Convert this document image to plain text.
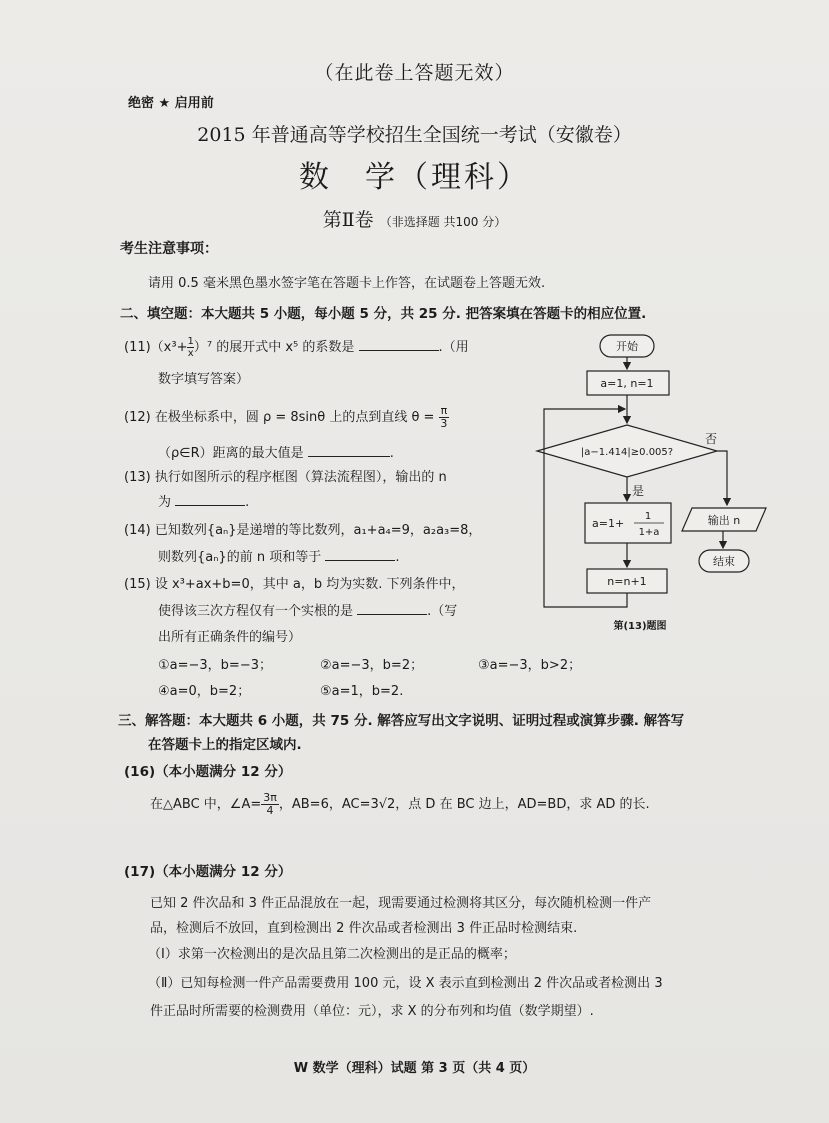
（在此卷上答题无效）
绝密 ★ 启用前
2015 年普通高等学校招生全国统一考试（安徽卷）
数　学（理科）
第Ⅱ卷 （非选择题 共100 分）
考生注意事项：
请用 0.5 毫米黑色墨水签字笔在答题卡上作答，在试题卷上答题无效.
二、填空题：本大题共 5 小题，每小题 5 分，共 25 分. 把答案填在答题卡的相应位置.
$(11)(x^3+ \frac{1}{x} )^7$ 的展开式中 x⁵ 的系数是	.（用
数字填写答案）
(12) 在极坐标系中，圆 ρ = 8sinθ 上的点到直线 $\theta = \frac{\pi}{3}$
（ρ∈R）距离的最大值是	.
(13) 执行如图所示的程序框图（算法流程图），输出的 n
为	.
(14) 已知数列{aₙ}是递增的等比数列，a₁+a₄=9，a₂a₃=8，
则数列{aₙ}的前 n 项和等于	.
(15) 设 x³+ax+b=0，其中 a，b 均为实数. 下列条件中，
使得该三次方程仅有一个实根的是	.（写
出所有正确条件的编号）
①a=−3，b=−3；	②a=−3，b=2；	③a=−3，b>2；
④a=0，b=2；	⑤a=1，b=2.
开始
a=1, n=1
|a−1.414|≥0.005?
否
是
a=1+
1
1+a
n=n+1
输出 n
结束
第(13)题图
三、解答题：本大题共 6 小题，共 75 分. 解答应写出文字说明、证明过程或演算步骤. 解答写
在答题卡上的指定区域内.
(16)（本小题满分 12 分）
在△ABC 中，∠A= $\frac{3\pi}{4}$ ，AB=6，AC=3√2，点 D 在 BC 边上，AD=BD，求 AD 的长.
(17)（本小题满分 12 分）
已知 2 件次品和 3 件正品混放在一起，现需要通过检测将其区分，每次随机检测一件产
品，检测后不放回，直到检测出 2 件次品或者检测出 3 件正品时检测结束.
（Ⅰ）求第一次检测出的是次品且第二次检测出的是正品的概率；
（Ⅱ）已知每检测一件产品需要费用 100 元，设 X 表示直到检测出 2 件次品或者检测出 3
件正品时所需要的检测费用（单位：元），求 X 的分布列和均值（数学期望）.
W 数学（理科）试题 第 3 页（共 4 页）
